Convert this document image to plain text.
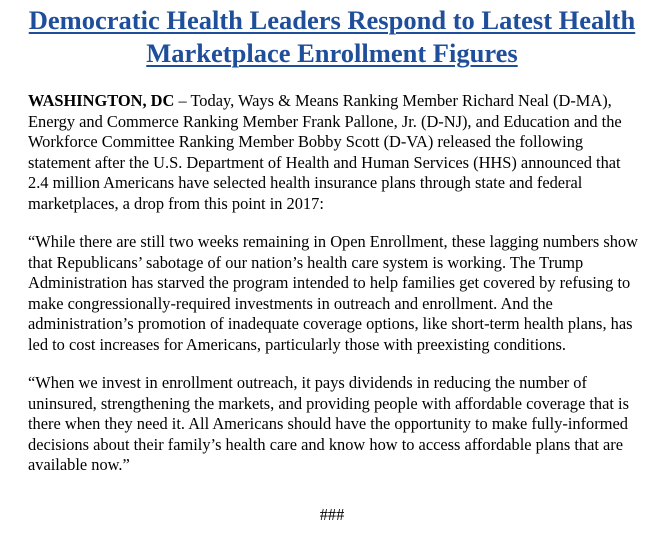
Democratic Health Leaders Respond to Latest Health Marketplace Enrollment Figures

WASHINGTON, DC – Today, Ways & Means Ranking Member Richard Neal (D-MA), Energy and Commerce Ranking Member Frank Pallone, Jr. (D-NJ), and Education and the Workforce Committee Ranking Member Bobby Scott (D-VA) released the following statement after the U.S. Department of Health and Human Services (HHS) announced that 2.4 million Americans have selected health insurance plans through state and federal marketplaces, a drop from this point in 2017:

“While there are still two weeks remaining in Open Enrollment, these lagging numbers show that Republicans’ sabotage of our nation’s health care system is working. The Trump Administration has starved the program intended to help families get covered by refusing to make congressionally-required investments in outreach and enrollment. And the administration’s promotion of inadequate coverage options, like short-term health plans, has led to cost increases for Americans, particularly those with preexisting conditions.

“When we invest in enrollment outreach, it pays dividends in reducing the number of uninsured, strengthening the markets, and providing people with affordable coverage that is there when they need it. All Americans should have the opportunity to make fully-informed decisions about their family’s health care and know how to access affordable plans that are available now.”

###
